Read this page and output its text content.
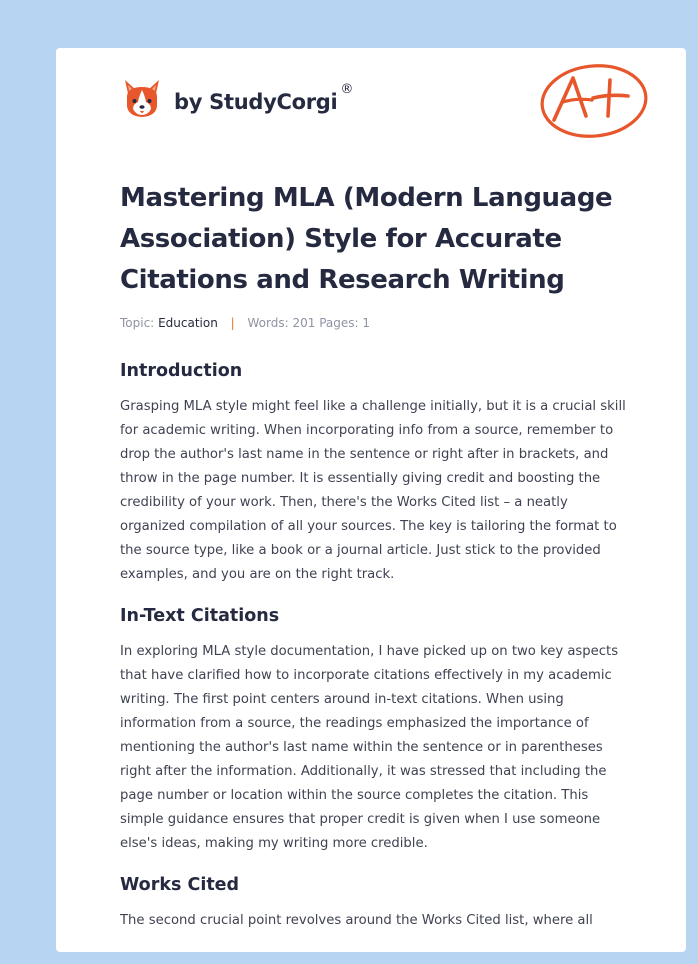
by StudyCorgi
®
Mastering MLA (Modern Language Association) Style for Accurate Citations and Research Writing
Topic: Education | Words: 201 Pages: 1
Introduction

Grasping MLA style might feel like a challenge initially, but it is a crucial skill for academic writing. When incorporating info from a source, remember to drop the author's last name in the sentence or right after in brackets, and throw in the page number. It is essentially giving credit and boosting the credibility of your work. Then, there's the Works Cited list – a neatly organized compilation of all your sources. The key is tailoring the format to the source type, like a book or a journal article. Just stick to the provided examples, and you are on the right track.

In-Text Citations

In exploring MLA style documentation, I have picked up on two key aspects that have clarified how to incorporate citations effectively in my academic writing. The first point centers around in-text citations. When using information from a source, the readings emphasized the importance of mentioning the author's last name within the sentence or in parentheses right after the information. Additionally, it was stressed that including the page number or location within the source completes the citation. This simple guidance ensures that proper credit is given when I use someone else's ideas, making my writing more credible.

Works Cited

The second crucial point revolves around the Works Cited list, where all
